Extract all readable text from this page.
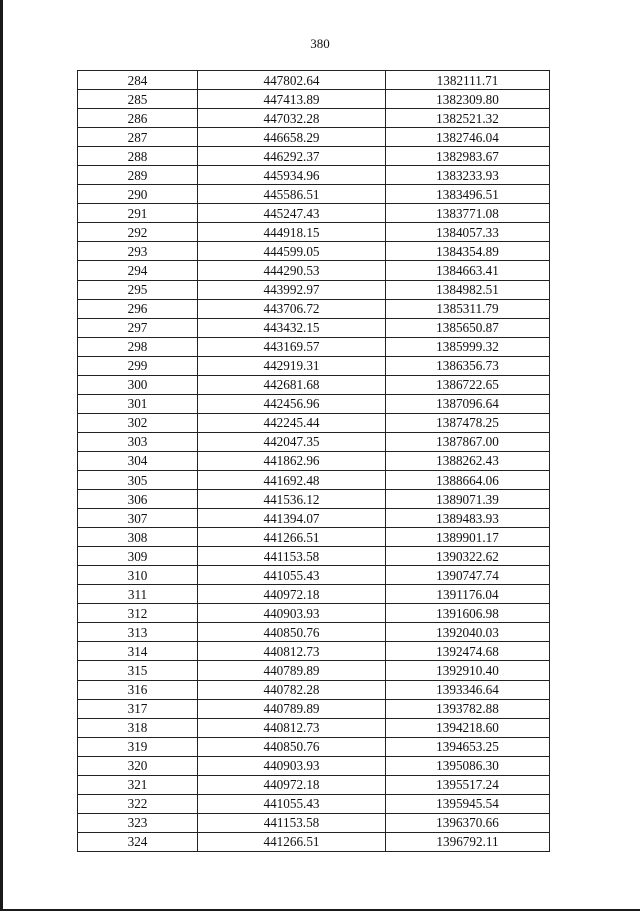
380
284	447802.64	1382111.71
285	447413.89	1382309.80
286	447032.28	1382521.32
287	446658.29	1382746.04
288	446292.37	1382983.67
289	445934.96	1383233.93
290	445586.51	1383496.51
291	445247.43	1383771.08
292	444918.15	1384057.33
293	444599.05	1384354.89
294	444290.53	1384663.41
295	443992.97	1384982.51
296	443706.72	1385311.79
297	443432.15	1385650.87
298	443169.57	1385999.32
299	442919.31	1386356.73
300	442681.68	1386722.65
301	442456.96	1387096.64
302	442245.44	1387478.25
303	442047.35	1387867.00
304	441862.96	1388262.43
305	441692.48	1388664.06
306	441536.12	1389071.39
307	441394.07	1389483.93
308	441266.51	1389901.17
309	441153.58	1390322.62
310	441055.43	1390747.74
311	440972.18	1391176.04
312	440903.93	1391606.98
313	440850.76	1392040.03
314	440812.73	1392474.68
315	440789.89	1392910.40
316	440782.28	1393346.64
317	440789.89	1393782.88
318	440812.73	1394218.60
319	440850.76	1394653.25
320	440903.93	1395086.30
321	440972.18	1395517.24
322	441055.43	1395945.54
323	441153.58	1396370.66
324	441266.51	1396792.11
